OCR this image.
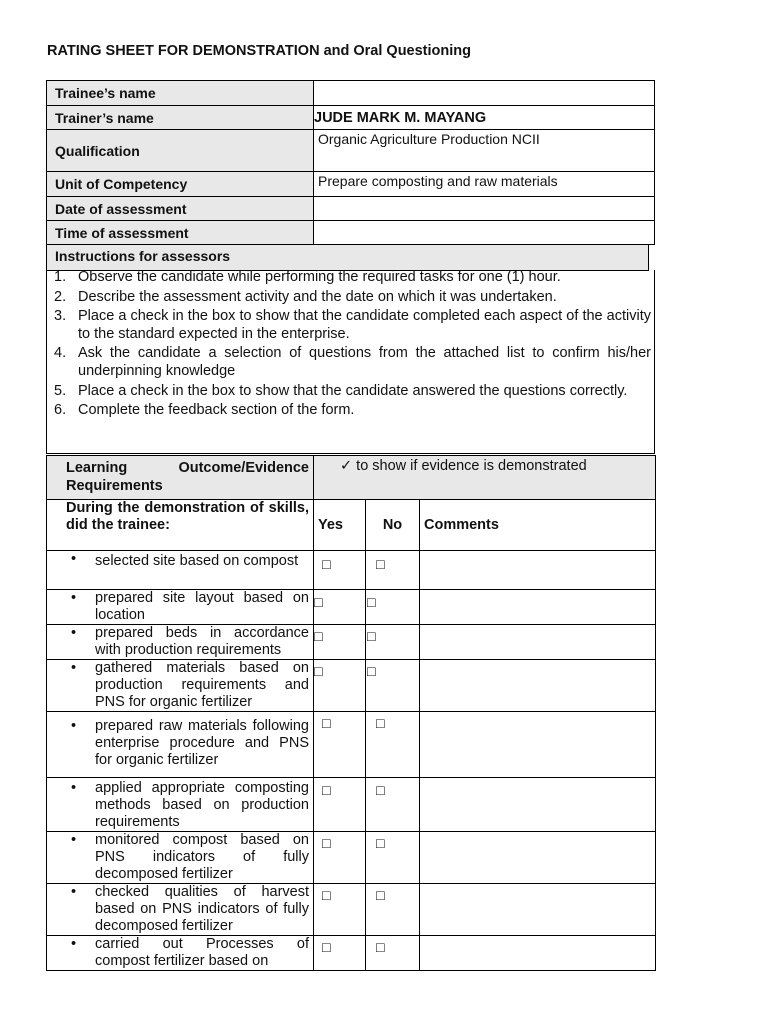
RATING SHEET FOR DEMONSTRATION and Oral Questioning
Trainee’s name	
Trainer’s name	JUDE MARK M. MAYANG
Qualification	Organic Agriculture Production NCII
Unit of Competency	Prepare composting and raw materials
Date of assessment	
Time of assessment	
Instructions for assessors
1. Observe the candidate while performing the required tasks for one (1) hour.
2. Describe the assessment activity and the date on which it was undertaken.
3. Place a check in the box to show that the candidate completed each aspect of the activity to the standard expected in the enterprise.
4. Ask the candidate a selection of questions from the attached list to confirm his/her underpinning knowledge
5. Place a check in the box to show that the candidate answered the questions correctly.
6. Complete the feedback section of the form.
Learning Outcome/Evidence
Requirements	✓ to show if evidence is demonstrated		
During the demonstration of skills, did the trainee:	Yes	No	Comments

• selected site based on compost	□	□	

• prepared site layout based on location	□	□	

• prepared beds in accordance with production requirements	□	□	

• gathered materials based on production requirements and PNS for organic fertilizer	□	□	

• prepared raw materials following enterprise procedure and PNS for organic fertilizer	□	□	

• applied appropriate composting methods based on production requirements	□	□	

• monitored compost based on PNS indicators of fully decomposed fertilizer	□	□	

• checked qualities of harvest based on PNS indicators of fully decomposed fertilizer	□	□	

• carried out Processes of compost fertilizer based on	□	□	
